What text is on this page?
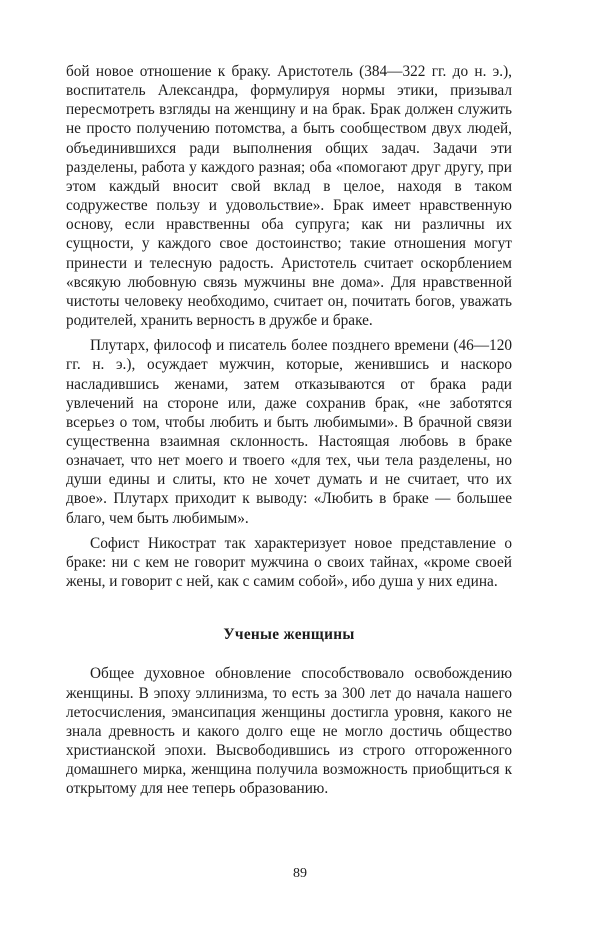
бой новое отношение к браку. Аристотель (384—322 гг. до н. э.), воспитатель Александра, формулируя нормы этики, призывал пересмотреть взгляды на женщину и на брак. Брак должен служить не просто получению потомства, а быть сообществом двух людей, объединившихся ради выполнения общих задач. Задачи эти разделены, работа у каждого разная; оба «помогают друг другу, при этом каждый вносит свой вклад в целое, находя в таком содружестве пользу и удовольствие». Брак имеет нравственную основу, если нравственны оба супруга; как ни различны их сущности, у каждого свое достоинство; такие отношения могут принести и телесную радость. Аристотель считает оскорблением «всякую любовную связь мужчины вне дома». Для нравственной чистоты человеку необходимо, считает он, почитать богов, уважать родителей, хранить верность в дружбе и браке.

Плутарх, философ и писатель более позднего времени (46—120 гг. н. э.), осуждает мужчин, которые, женившись и наскоро насладившись женами, затем отказываются от брака ради увлечений на стороне или, даже сохранив брак, «не заботятся всерьез о том, чтобы любить и быть любимыми». В брачной связи существенна взаимная склонность. Настоящая любовь в браке означает, что нет моего и твоего «для тех, чьи тела разделены, но души едины и слиты, кто не хочет думать и не считает, что их двое». Плутарх приходит к выводу: «Любить в браке — большее благо, чем быть любимым».

Софист Никострат так характеризует новое представление о браке: ни с кем не говорит мужчина о своих тайнах, «кроме своей жены, и говорит с ней, как с самим собой», ибо душа у них едина.

Ученые женщины

Общее духовное обновление способствовало освобождению женщины. В эпоху эллинизма, то есть за 300 лет до начала нашего летосчисления, эмансипация женщины достигла уровня, какого не знала древность и какого долго еще не могло достичь общество христианской эпохи. Высвободившись из строго отгороженного домашнего мирка, женщина получила возможность приобщиться к открытому для нее теперь образованию.

89
